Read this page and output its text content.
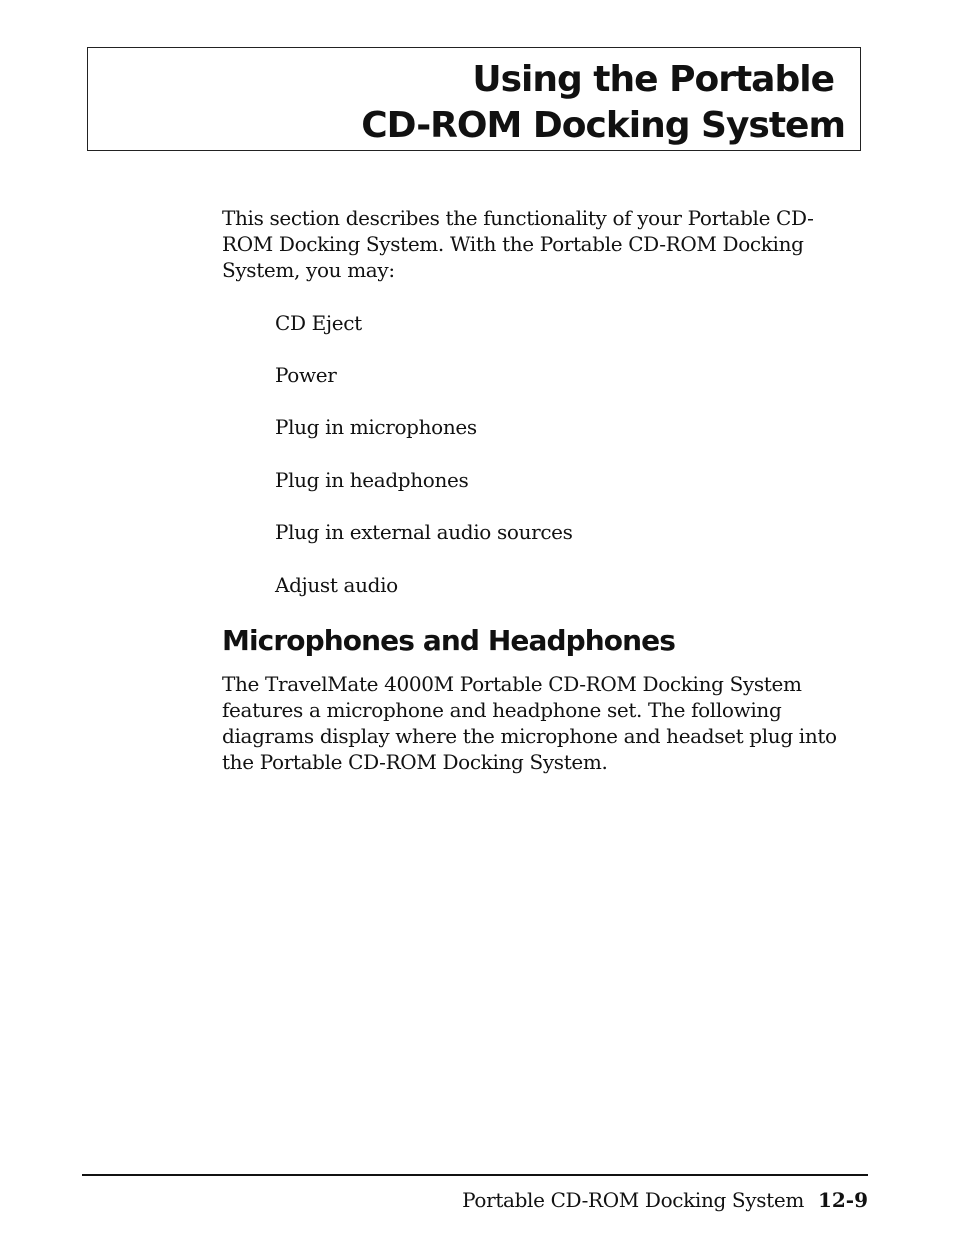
Using the Portable
CD-ROM Docking System

This section describes the functionality of your Portable CD-ROM Docking System. With the Portable CD-ROM Docking System, you may:

CD Eject
Power
Plug in microphones
Plug in headphones
Plug in external audio sources
Adjust audio
Microphones and Headphones

The TravelMate 4000M Portable CD-ROM Docking System features a microphone and headphone set. The following diagrams display where the microphone and headset plug into the Portable CD-ROM Docking System.

Portable CD-ROM Docking System 12-9
